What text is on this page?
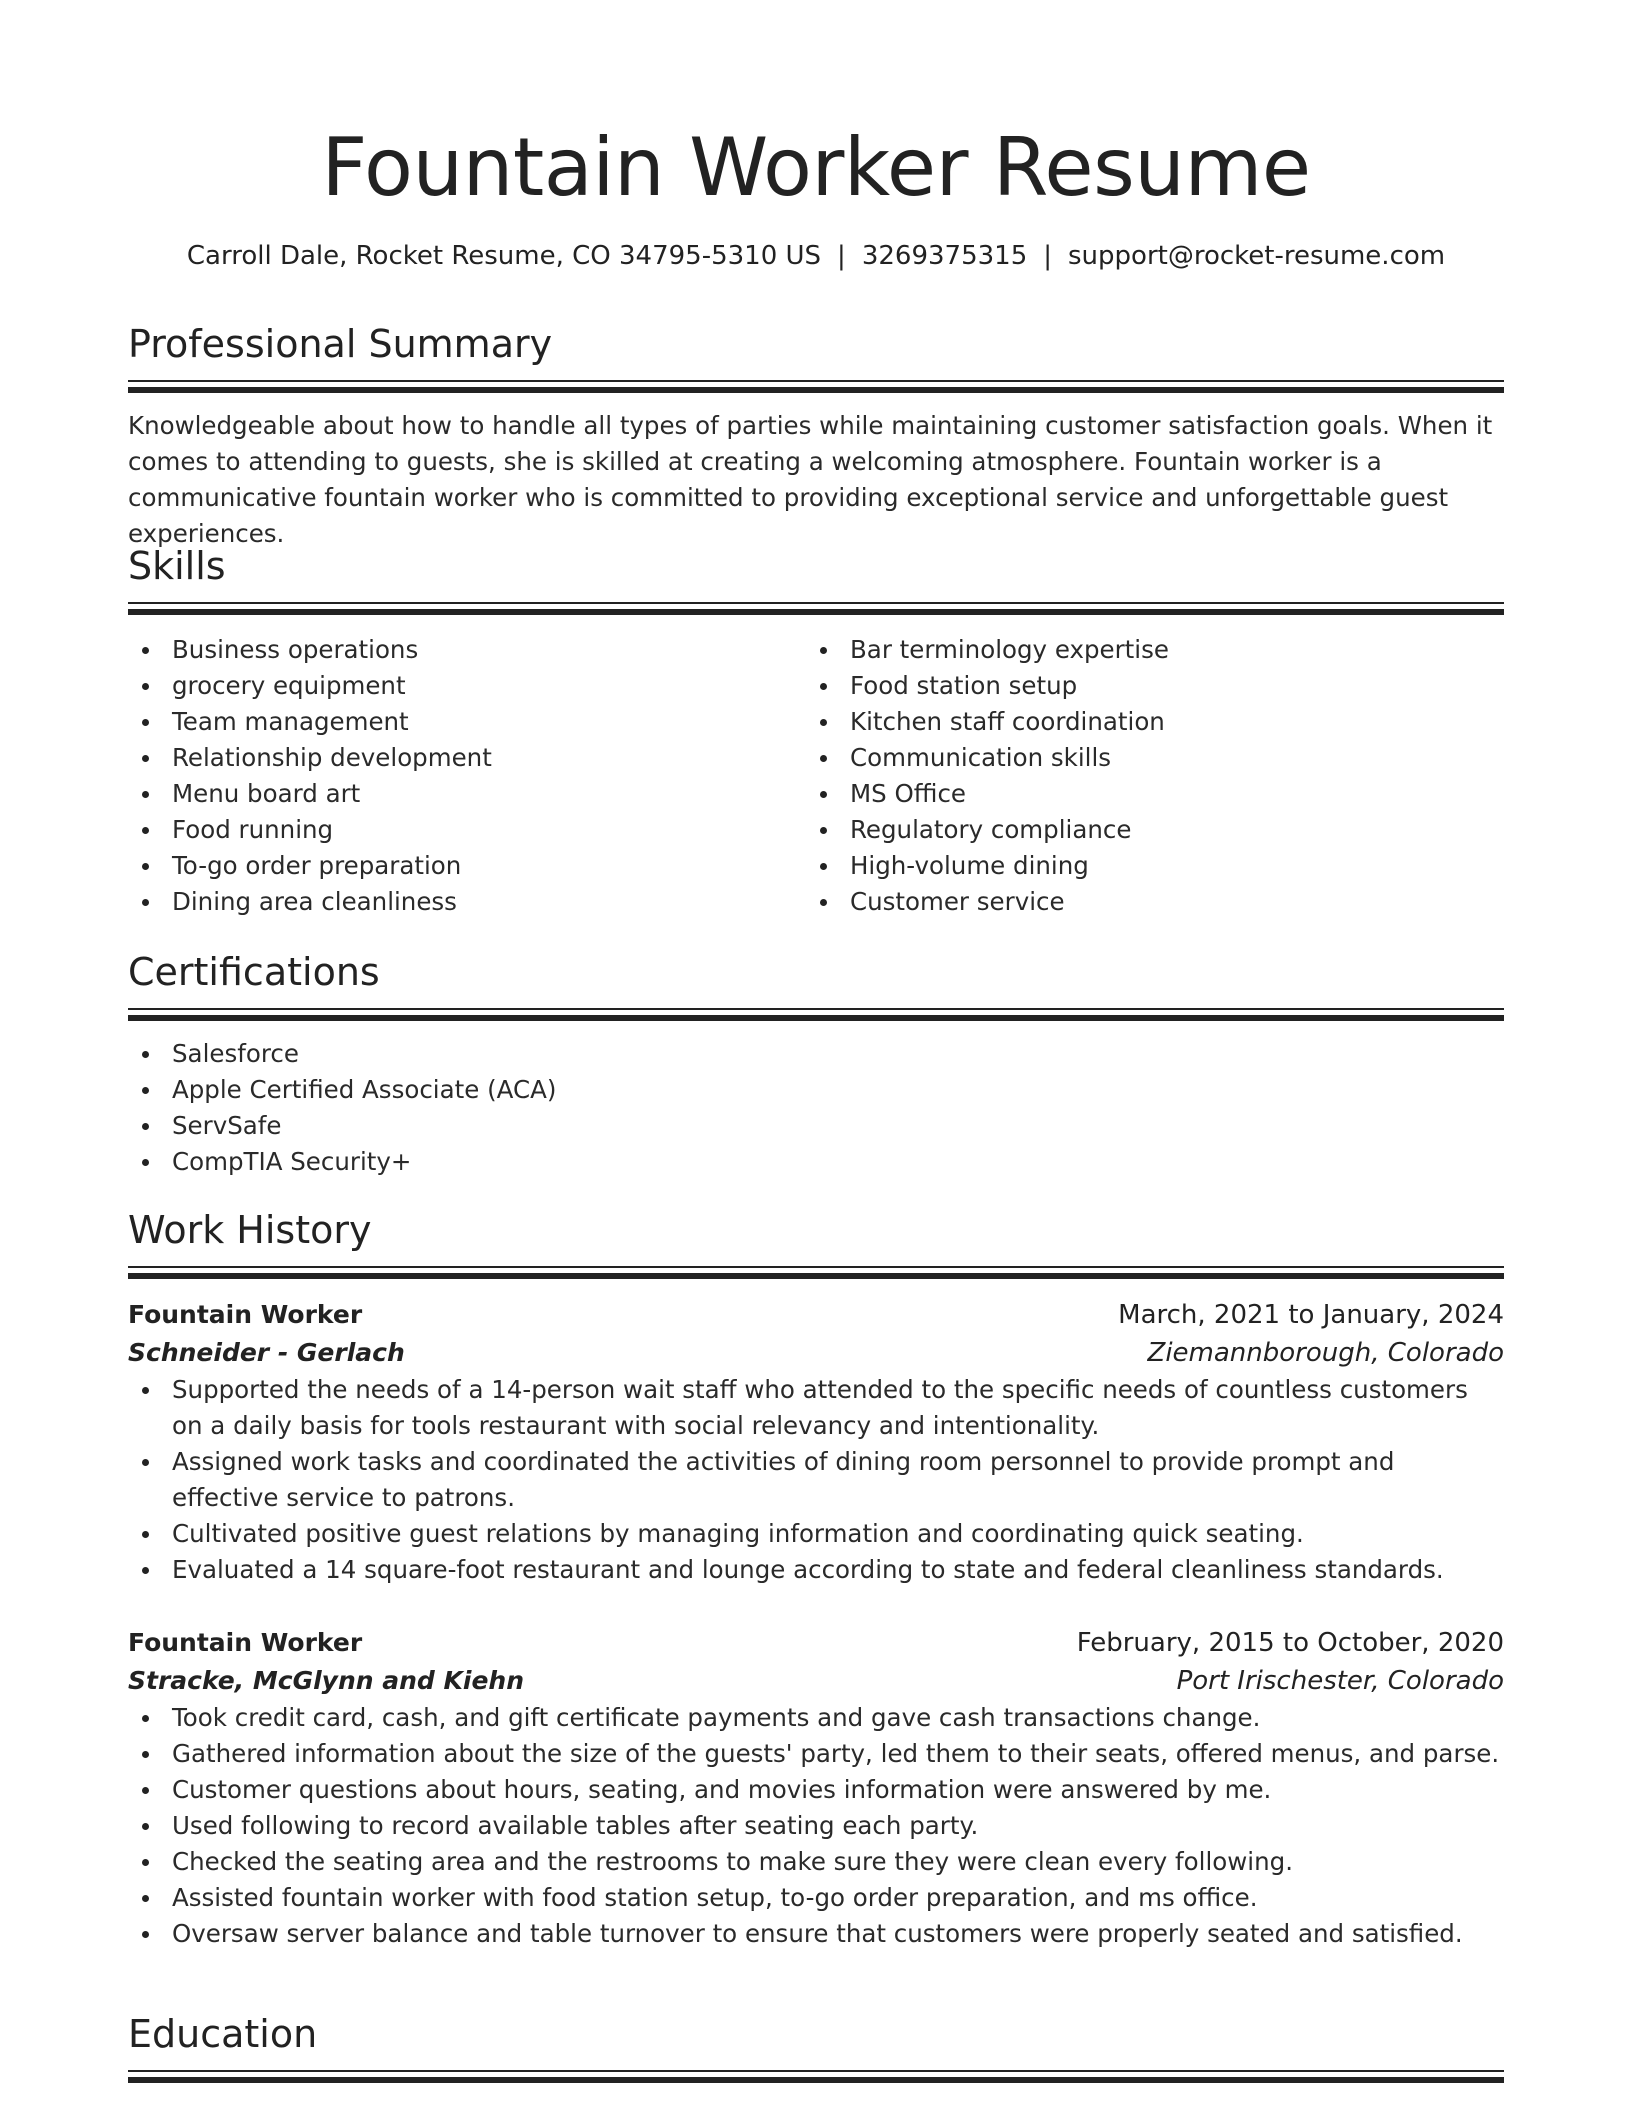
Fountain Worker Resume
Carroll Dale, Rocket Resume, CO 34795-5310 US | 3269375315 | support@rocket-resume.com
Professional Summary

Knowledgeable about how to handle all types of parties while maintaining customer satisfaction goals. When it comes to attending to guests, she is skilled at creating a welcoming atmosphere. Fountain worker is a communicative fountain worker who is committed to providing exceptional service and unforgettable guest experiences.

Skills
Business operations
grocery equipment
Team management
Relationship development
Menu board art
Food running
To-go order preparation
Dining area cleanliness
Bar terminology expertise
Food station setup
Kitchen staff coordination
Communication skills
MS Office
Regulatory compliance
High-volume dining
Customer service
Certifications
Salesforce
Apple Certified Associate (ACA)
ServSafe
CompTIA Security+
Work History
Fountain Worker	March, 2021 to January, 2024
Schneider - Gerlach	Ziemannborough, Colorado
Supported the needs of a 14-person wait staff who attended to the specific needs of countless customers on a daily basis for tools restaurant with social relevancy and intentionality.
Assigned work tasks and coordinated the activities of dining room personnel to provide prompt and effective service to patrons.
Cultivated positive guest relations by managing information and coordinating quick seating.
Evaluated a 14 square-foot restaurant and lounge according to state and federal cleanliness standards.
Fountain Worker	February, 2015 to October, 2020
Stracke, McGlynn and Kiehn	Port Irischester, Colorado
Took credit card, cash, and gift certificate payments and gave cash transactions change.
Gathered information about the size of the guests' party, led them to their seats, offered menus, and parse.
Customer questions about hours, seating, and movies information were answered by me.
Used following to record available tables after seating each party.
Checked the seating area and the restrooms to make sure they were clean every following.
Assisted fountain worker with food station setup, to-go order preparation, and ms office.
Oversaw server balance and table turnover to ensure that customers were properly seated and satisfied.
Education
